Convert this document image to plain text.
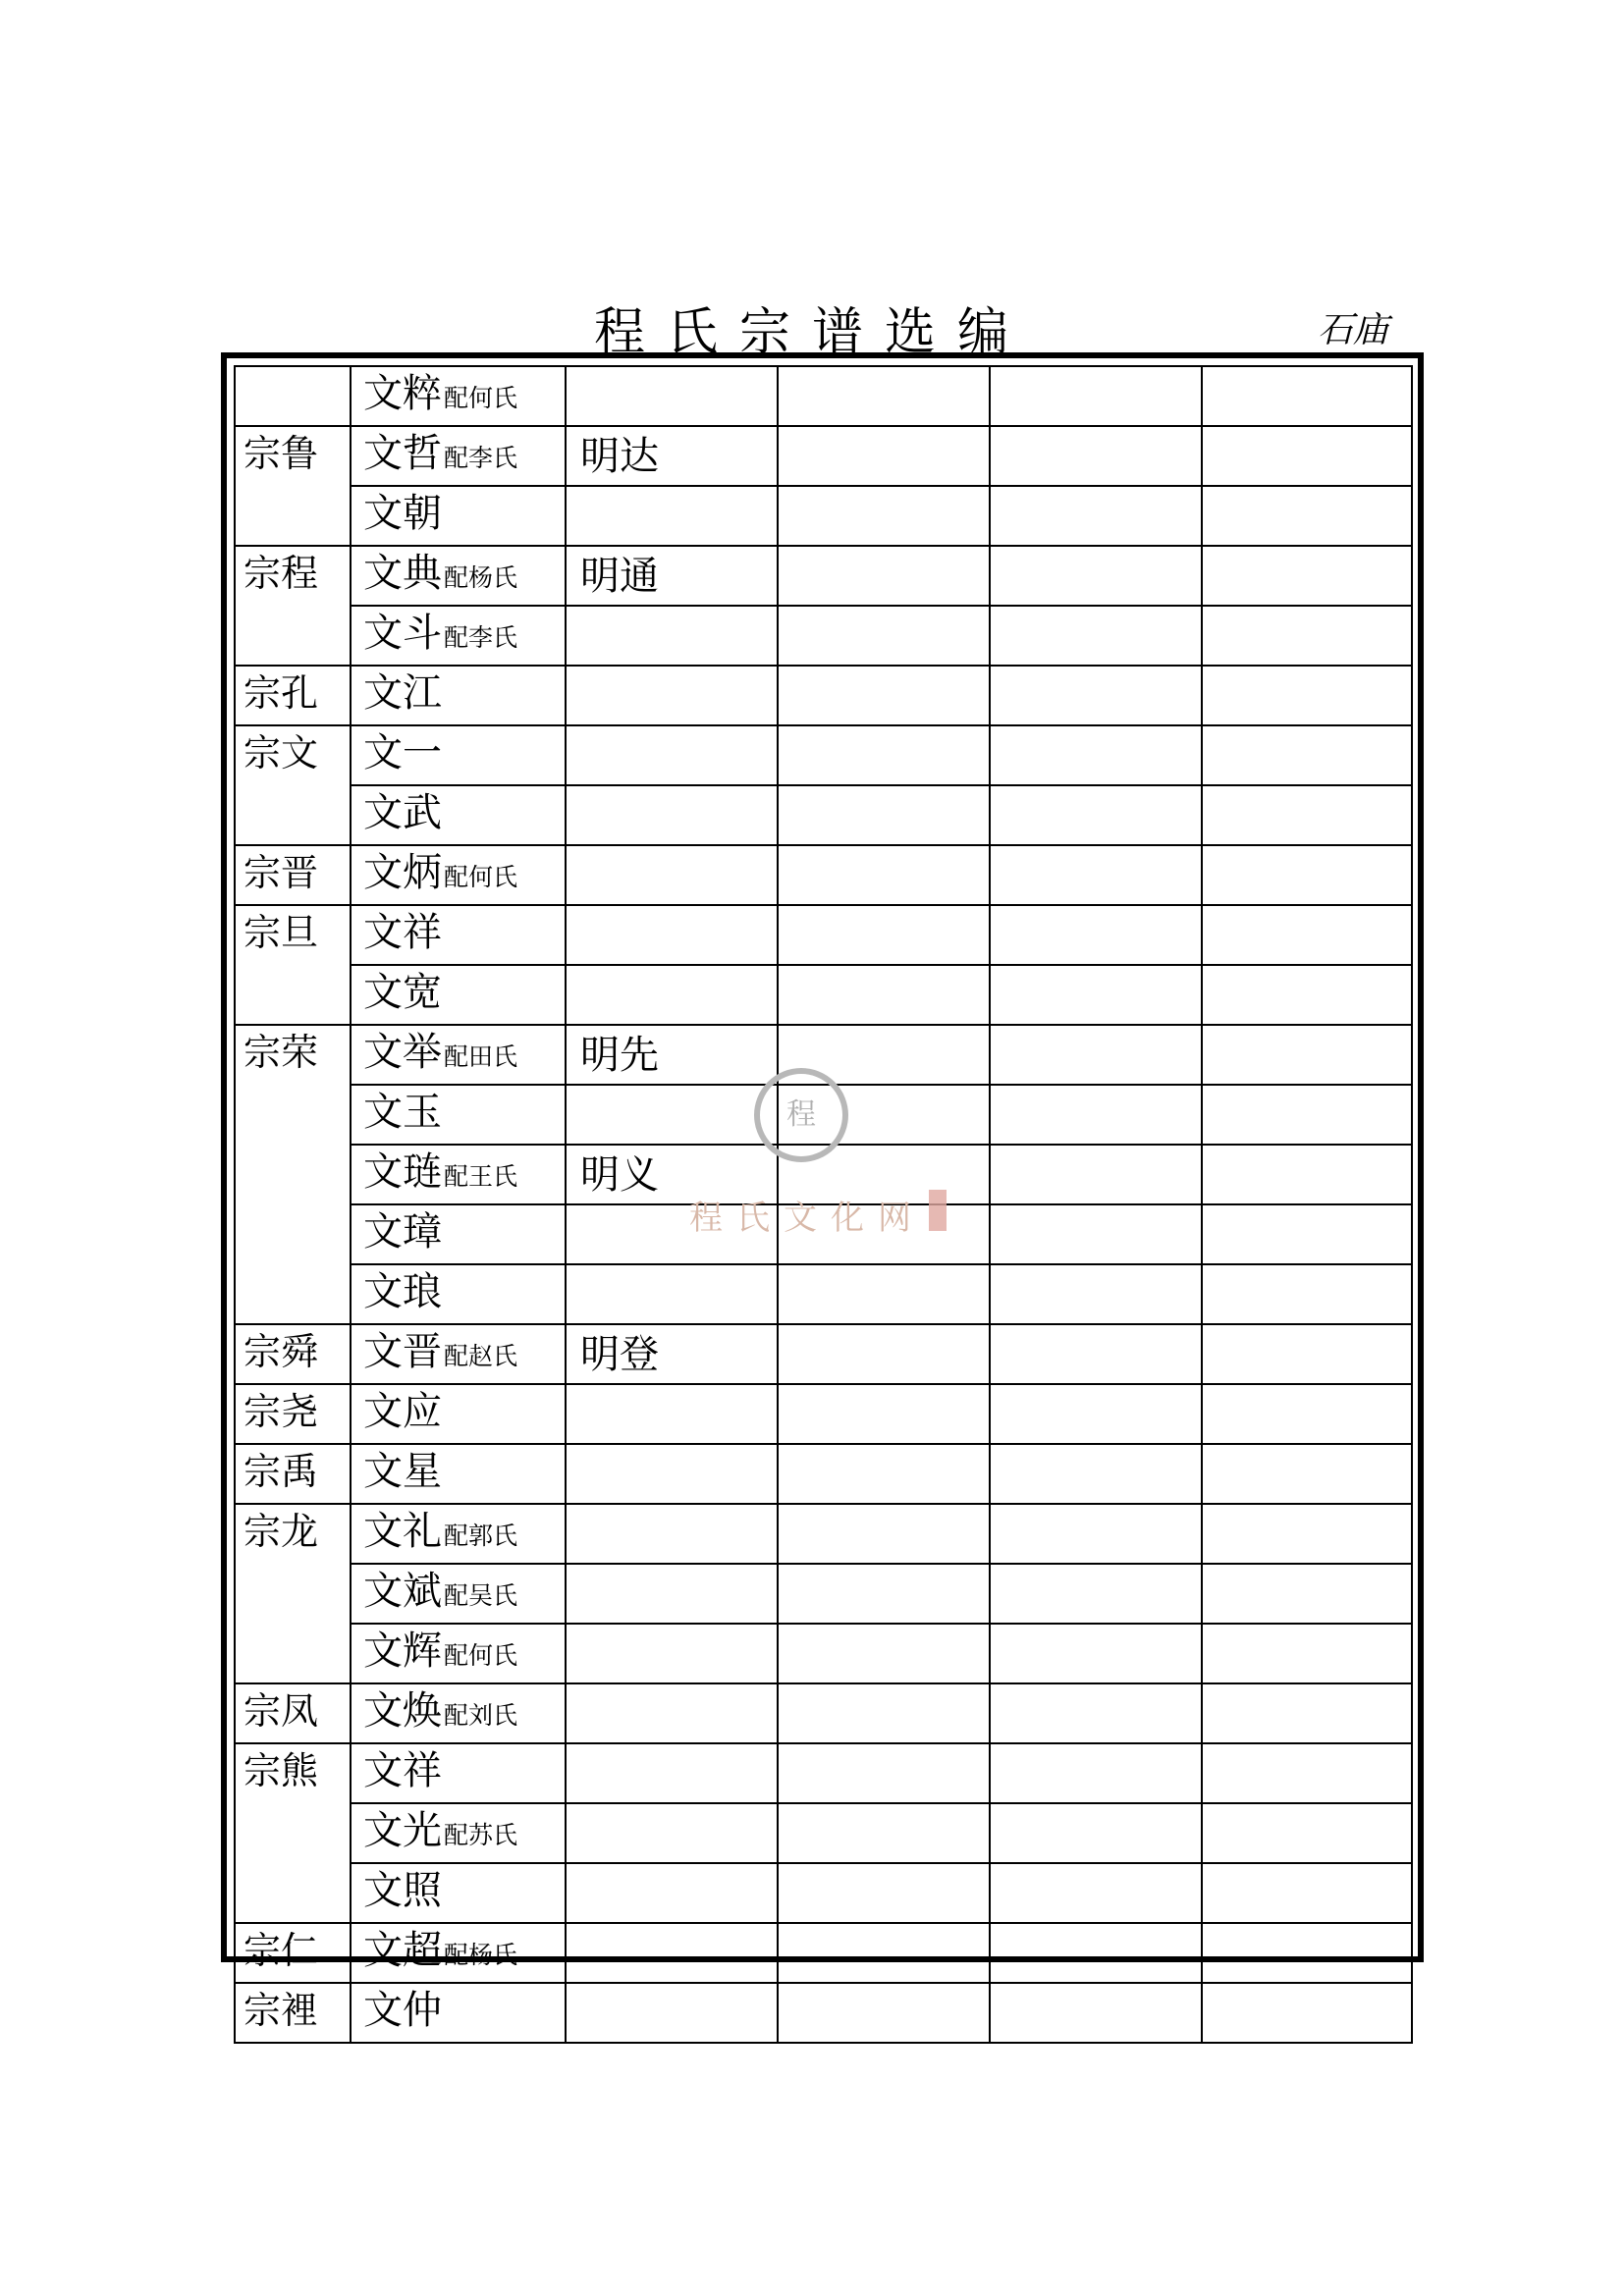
程氏宗谱选编	石庙
	文粹配何氏				
宗鲁	文哲配李氏	明达			
	文朝				
宗程	文典配杨氏	明通			
	文斗配李氏				
宗孔	文江				
宗文	文一				
	文武				
宗晋	文炳配何氏				
宗旦	文祥				
	文宽				
宗荣	文举配田氏	明先			
	文玉				
	文琏配王氏	明义			
	文璋				
	文琅				
宗舜	文晋配赵氏	明登			
宗尧	文应				
宗禹	文星				
宗龙	文礼配郭氏				
	文斌配吴氏				
	文辉配何氏				
宗凤	文焕配刘氏				
宗熊	文祥				
	文光配苏氏				
	文照				
宗仁	文超配杨氏				
宗裡	文仲				
程
程氏文化网
